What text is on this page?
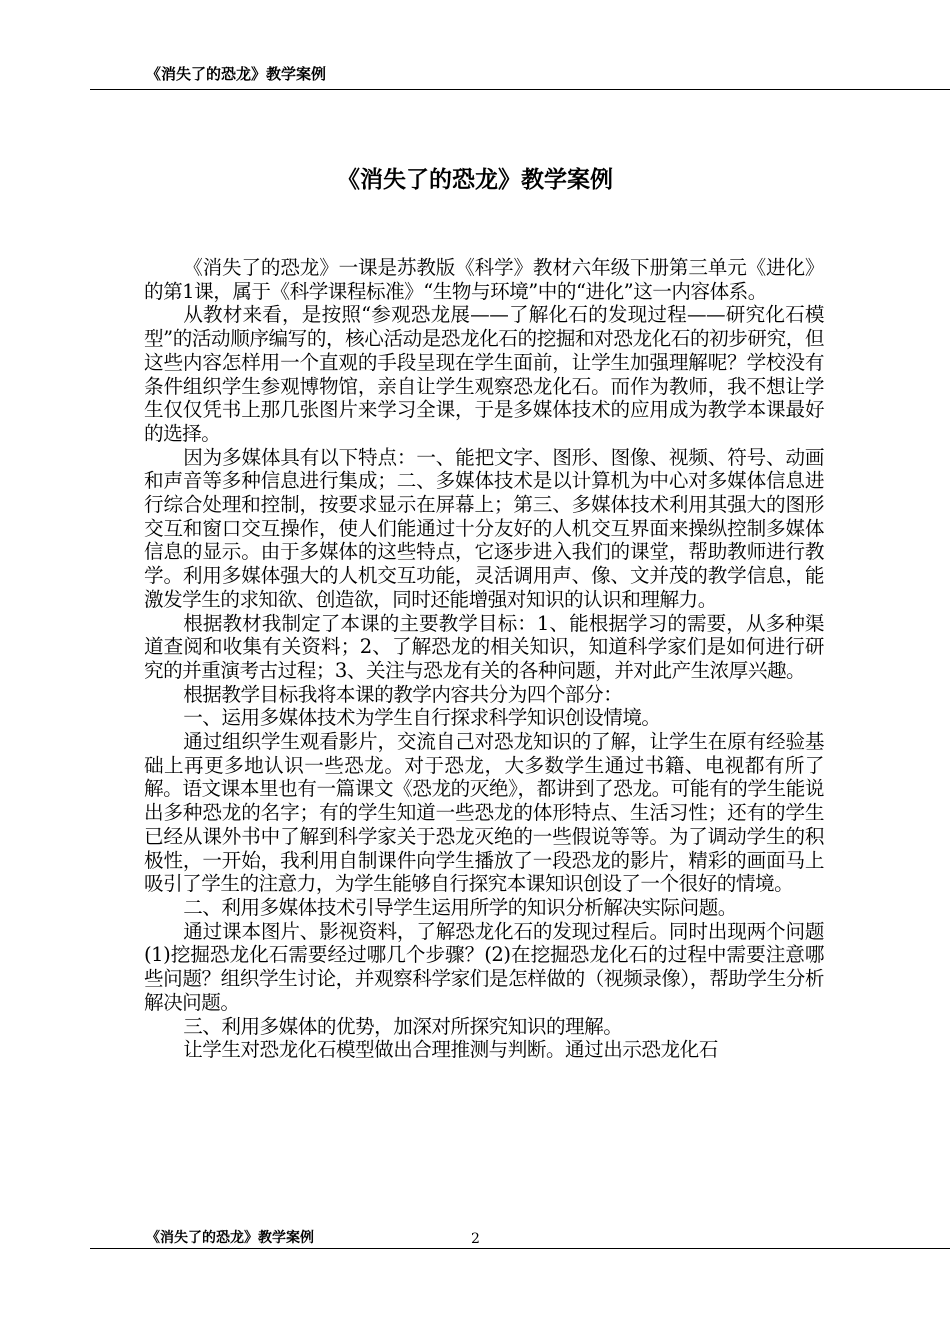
《消失了的恐龙》教学案例
《消失了的恐龙》教学案例

《消失了的恐龙》一课是苏教版《科学》教材六年级下册第三单元《进化》的第1课，属于《科学课程标准》“生物与环境”中的“进化”这一内容体系。

从教材来看，是按照“参观恐龙展——了解化石的发现过程——研究化石模型”的活动顺序编写的，核心活动是恐龙化石的挖掘和对恐龙化石的初步研究，但这些内容怎样用一个直观的手段呈现在学生面前，让学生加强理解呢？学校没有条件组织学生参观博物馆，亲自让学生观察恐龙化石。而作为教师，我不想让学生仅仅凭书上那几张图片来学习全课，于是多媒体技术的应用成为教学本课最好的选择。

因为多媒体具有以下特点：一、能把文字、图形、图像、视频、符号、动画和声音等多种信息进行集成；二、多媒体技术是以计算机为中心对多媒体信息进行综合处理和控制，按要求显示在屏幕上；第三、多媒体技术利用其强大的图形交互和窗口交互操作，使人们能通过十分友好的人机交互界面来操纵控制多媒体信息的显示。由于多媒体的这些特点，它逐步进入我们的课堂，帮助教师进行教学。利用多媒体强大的人机交互功能，灵活调用声、像、文并茂的教学信息，能激发学生的求知欲、创造欲，同时还能增强对知识的认识和理解力。

根据教材我制定了本课的主要教学目标：1、能根据学习的需要，从多种渠道查阅和收集有关资料；2、了解恐龙的相关知识，知道科学家们是如何进行研究的并重演考古过程；3、关注与恐龙有关的各种问题，并对此产生浓厚兴趣。

根据教学目标我将本课的教学内容共分为四个部分：

一、运用多媒体技术为学生自行探求科学知识创设情境。

通过组织学生观看影片，交流自己对恐龙知识的了解，让学生在原有经验基础上再更多地认识一些恐龙。对于恐龙，大多数学生通过书籍、电视都有所了解。语文课本里也有一篇课文《恐龙的灭绝》，都讲到了恐龙。可能有的学生能说出多种恐龙的名字；有的学生知道一些恐龙的体形特点、生活习性；还有的学生已经从课外书中了解到科学家关于恐龙灭绝的一些假说等等。为了调动学生的积极性，一开始，我利用自制课件向学生播放了一段恐龙的影片，精彩的画面马上吸引了学生的注意力，为学生能够自行探究本课知识创设了一个很好的情境。

二、利用多媒体技术引导学生运用所学的知识分析解决实际问题。

通过课本图片、影视资料，了解恐龙化石的发现过程后。同时出现两个问题(1)挖掘恐龙化石需要经过哪几个步骤？(2)在挖掘恐龙化石的过程中需要注意哪些问题？组织学生讨论，并观察科学家们是怎样做的（视频录像），帮助学生分析解决问题。

三、利用多媒体的优势，加深对所探究知识的理解。

让学生对恐龙化石模型做出合理推测与判断。通过出示恐龙化石

《消失了的恐龙》教学案例	2
